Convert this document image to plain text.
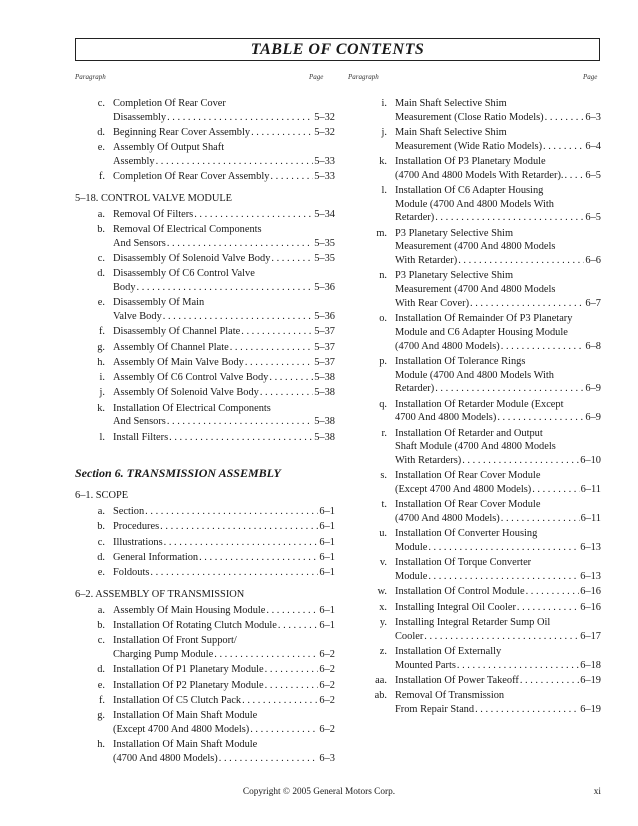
TABLE OF CONTENTS
Paragraph	Page	Paragraph	Page
c. Completion Of Rear Cover
Disassembly . . .	5–32
d. Beginning Rear Cover Assembly . . .	5–32
e. Assembly Of Output Shaft
Assembly . . .	5–33
f. Completion Of Rear Cover Assembly . . .	5–33
5–18. CONTROL VALVE MODULE
a. Removal Of Filters . . .	5–34
b. Removal Of Electrical Components
And Sensors . . .	5–35
c. Disassembly Of Solenoid Valve Body . . .	5–35
d. Disassembly Of C6 Control Valve
Body . . .	5–36
e. Disassembly Of Main
Valve Body . . .	5–36
f. Disassembly Of Channel Plate . . .	5–37
g. Assembly Of Channel Plate . . .	5–37
h. Assembly Of Main Valve Body . . .	5–37
i. Assembly Of C6 Control Valve Body . . .	5–38
j. Assembly Of Solenoid Valve Body . . .	5–38
k. Installation Of Electrical Components
And Sensors . . .	5–38
l. Install Filters . . .	5–38
Section 6. TRANSMISSION ASSEMBLY
6–1. SCOPE
a. Section . . .	6–1
b. Procedures . . .	6–1
c. Illustrations . . .	6–1
d. General Information . . .	6–1
e. Foldouts . . .	6–1
6–2. ASSEMBLY OF TRANSMISSION
a. Assembly Of Main Housing Module . . .	6–1
b. Installation Of Rotating Clutch Module . . .	6–1
c. Installation Of Front Support/
Charging Pump Module . . .	6–2
d. Installation Of P1 Planetary Module . . .	6–2
e. Installation Of P2 Planetary Module . . .	6–2
f. Installation Of C5 Clutch Pack . . .	6–2
g. Installation Of Main Shaft Module
(Except 4700 And 4800 Models) . . .	6–2
h. Installation Of Main Shaft Module
(4700 And 4800 Models) . . .	6–3
i. Main Shaft Selective Shim
Measurement (Close Ratio Models) . . .	6–3
j. Main Shaft Selective Shim
Measurement (Wide Ratio Models) . . .	6–4
k. Installation Of P3 Planetary Module
(4700 And 4800 Models With Retarder). . . . 6–5
l. Installation Of C6 Adapter Housing
Module (4700 And 4800 Models With
Retarder) . . .	6–5
m. P3 Planetary Selective Shim
Measurement (4700 And 4800 Models
With Retarder) . . .	6–6
n. P3 Planetary Selective Shim
Measurement (4700 And 4800 Models
With Rear Cover) . . .	6–7
o. Installation Of Remainder Of P3 Planetary
Module and C6 Adapter Housing Module
(4700 And 4800 Models) . . .	6–8
p. Installation Of Tolerance Rings
Module (4700 And 4800 Models With
Retarder) . . .	6–9
q. Installation Of Retarder Module (Except
4700 And 4800 Models) . . .	6–9
r. Installation Of Retarder and Output
Shaft Module (4700 And 4800 Models
With Retarders) . . .	6–10
s. Installation Of Rear Cover Module
(Except 4700 And 4800 Models) . . .	6–11
t. Installation Of Rear Cover Module
(4700 And 4800 Models) . . .	6–11
u. Installation Of Converter Housing
Module . . .	6–13
v. Installation Of Torque Converter
Module . . .	6–13
w. Installation Of Control Module . . .	6–16
x. Installing Integral Oil Cooler . . .	6–16
y. Installing Integral Retarder Sump Oil
Cooler . . .	6–17
z. Installation Of Externally
Mounted Parts . . .	6–18
aa. Installation Of Power Takeoff . . .	6–19
ab. Removal Of Transmission
From Repair Stand . . .	6–19
Copyright © 2005 General Motors Corp.	xi
